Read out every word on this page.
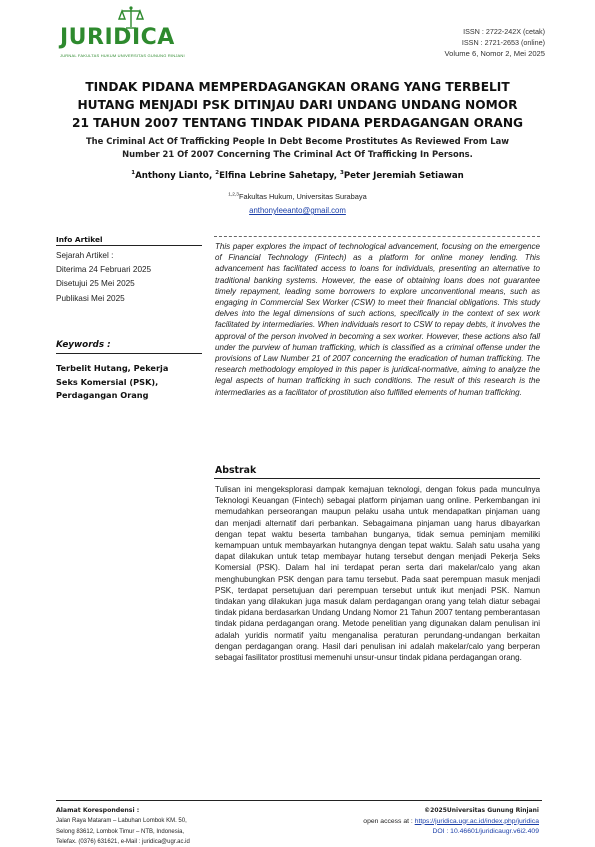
JURIDICA
JURNAL FAKULTAS HUKUM UNIVERSITAS GUNUNG RINJANI
ISSN : 2722-242X (cetak)
ISSN : 2721-2653 (online)
Volume 6, Nomor 2, Mei 2025
TINDAK PIDANA MEMPERDAGANGKAN ORANG YANG TERBELIT
HUTANG MENJADI PSK DITINJAU DARI UNDANG UNDANG NOMOR
21 TAHUN 2007 TENTANG TINDAK PIDANA PERDAGANGAN ORANG
The Criminal Act Of Trafficking People In Debt Become Prostitutes As Reviewed From Law
Number 21 Of 2007 Concerning The Criminal Act Of Trafficking In Persons.
$^1$Anthony Lianto, $^2$Elfina Lebrine Sahetapy, $^3$Peter Jeremiah Setiawan
$^{1,2,3}$Fakultas Hukum, Universitas Surabaya
anthonyleeanto@gmail.com
Info Artikel
Sejarah Artikel :
Diterima 24 Februari 2025
Disetujui 25 Mei 2025
Publikasi Mei 2025
Keywords :
Terbelit Hutang, Pekerja
Seks Komersial (PSK),
Perdagangan Orang
This paper explores the impact of technological advancement, focusing on the emergence of Financial Technology (Fintech) as a platform for online money lending. This advancement has facilitated access to loans for individuals, presenting an alternative to traditional banking systems. However, the ease of obtaining loans does not guarantee timely repayment, leading some borrowers to explore unconventional means, such as engaging in Commercial Sex Worker (CSW) to meet their financial obligations. This study delves into the legal dimensions of such actions, specifically in the context of sex work facilitated by intermediaries. When individuals resort to CSW to repay debts, it involves the approval of the person involved in becoming a sex worker. However, these actions also fall under the purview of human trafficking, which is classified as a criminal offense under the provisions of Law Number 21 of 2007 concerning the eradication of human trafficking. The research methodology employed in this paper is juridical-normative, aiming to analyze the legal aspects of human trafficking in such conditions. The result of this research is the intermediaries as a facilitator of prostitution also fulfilled elements of human trafficking.
Abstrak
Tulisan ini mengeksplorasi dampak kemajuan teknologi, dengan fokus pada munculnya Teknologi Keuangan (Fintech) sebagai platform pinjaman uang online. Perkembangan ini memudahkan perseorangan maupun pelaku usaha untuk mendapatkan pinjaman uang dan menjadi alternatif dari perbankan. Sebagaimana pinjaman uang harus dibayarkan dengan tepat waktu beserta tambahan bunganya, tidak semua peminjam memiliki kemampuan untuk membayarkan hutangnya dengan tepat waktu. Salah satu usaha yang dapat dilakukan untuk tetap membayar hutang tersebut dengan menjadi Pekerja Seks Komersial (PSK). Dalam hal ini terdapat peran serta dari makelar/calo yang akan menghubungkan PSK dengan para tamu tersebut. Pada saat perempuan masuk menjadi PSK, terdapat persetujuan dari perempuan tersebut untuk ikut menjadi PSK. Namun tindakan yang dilakukan juga masuk dalam perdagangan orang yang telah diatur sebagai tindak pidana berdasarkan Undang Undang Nomor 21 Tahun 2007 tentang pemberantasan tindak pidana perdagangan orang. Metode penelitian yang digunakan dalam penulisan ini adalah yuridis normatif yaitu menganalisa peraturan perundang-undangan berkaitan dengan perdagangan orang. Hasil dari penulisan ini adalah makelar/calo yang berperan sebagai fasilitator prostitusi memenuhi unsur-unsur tindak pidana perdagangan orang.
Alamat Korespondensi :
Jalan Raya Mataram – Labuhan Lombok KM. 50,
Selong 83612, Lombok Timur – NTB, Indonesia,
Telefax. (0376) 631621, e-Mail : juridica@ugr.ac.id
©2025Universitas Gunung Rinjani
open access at : https://juridica.ugr.ac.id/index.php/juridica
DOI : 10.46601/juridicaugr.v6i2.409
